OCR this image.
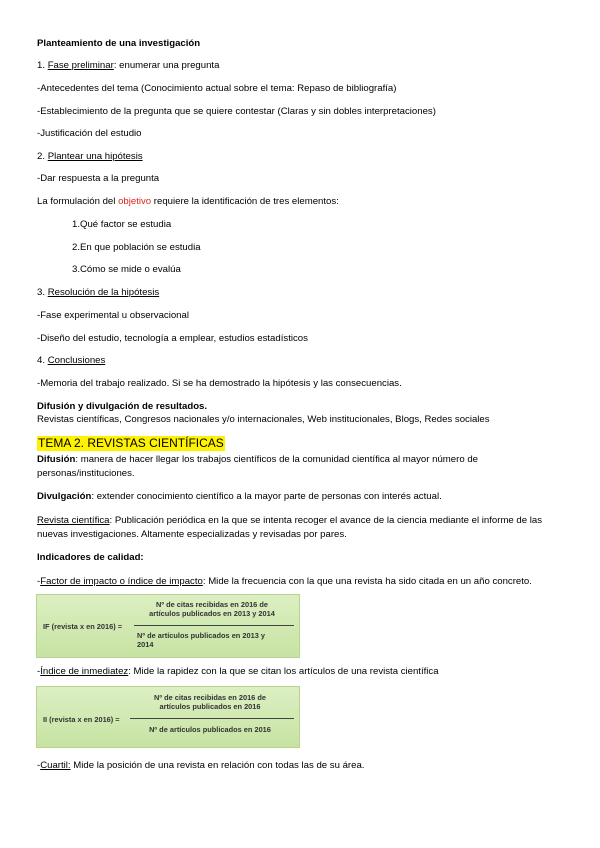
Planteamiento de una investigación
1. Fase preliminar: enumerar una pregunta
-Antecedentes del tema (Conocimiento actual sobre el tema: Repaso de bibliografía)
-Establecimiento de la pregunta que se quiere contestar (Claras y sin dobles interpretaciones)
-Justificación del estudio
2. Plantear una hipótesis
-Dar respuesta a la pregunta
La formulación del objetivo requiere la identificación de tres elementos:
1.Qué factor se estudia
2.En que población se estudia
3.Cómo se mide o evalúa
3. Resolución de la hipótesis
-Fase experimental u observacional
-Diseño del estudio, tecnología a emplear, estudios estadísticos
4. Conclusiones
-Memoria del trabajo realizado. Si se ha demostrado la hipótesis y las consecuencias.
Difusión y divulgación de resultados.
Revistas científicas, Congresos nacionales y/o internacionales, Web institucionales, Blogs, Redes sociales
TEMA 2. REVISTAS CIENTÍFICAS
Difusión: manera de hacer llegar los trabajos científicos de la comunidad científica al mayor número de personas/instituciones.
Divulgación: extender conocimiento científico a la mayor parte de personas con interés actual.
Revista científica: Publicación periódica en la que se intenta recoger el avance de la ciencia mediante el informe de las nuevas investigaciones. Altamente especializadas y revisadas por pares.
Indicadores de calidad:
-Factor de impacto o índice de impacto: Mide la frecuencia con la que una revista ha sido citada en un año concreto.
IF (revista x en 2016) =
Nº de citas recibidas en 2016 de
artículos publicados en 2013 y 2014
Nº de artículos publicados en 2013 y
2014
-Índice de inmediatez: Mide la rapidez con la que se citan los artículos de una revista científica
II (revista x en 2016) =
Nº de citas recibidas en 2016 de
artículos publicados en 2016
Nº de artículos publicados en 2016
-Cuartil: Mide la posición de una revista en relación con todas las de su área.
